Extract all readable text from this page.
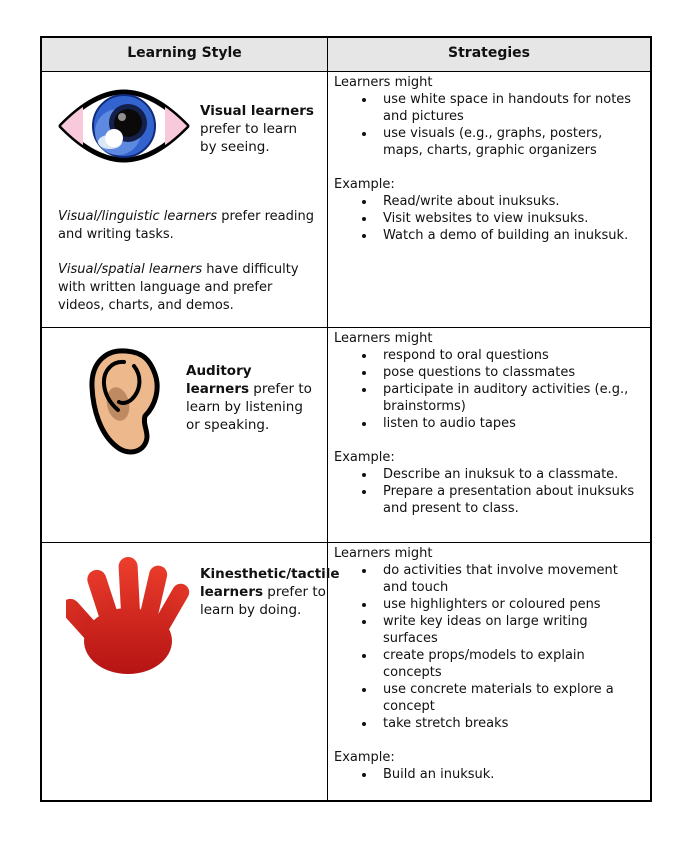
Learning Style	Strategies
Visual learners prefer to learn by seeing.

Visual/linguistic learners prefer reading and writing tasks.

Visual/spatial learners have difficulty with written language and prefer videos, charts, and demos.

Learners might
• use white space in handouts for notes and pictures
• use visuals (e.g., graphs, posters, maps, charts, graphic organizers
Example:
• Read/write about inuksuks.
• Visit websites to view inuksuks.
• Watch a demo of building an inuksuk.
Auditory learners prefer to learn by listening or speaking.
Learners might
• respond to oral questions
• pose questions to classmates
• participate in auditory activities (e.g., brainstorms)
• listen to audio tapes
Example:
• Describe an inuksuk to a classmate.
• Prepare a presentation about inuksuks and present to class.
Kinesthetic/tactile learners prefer to learn by doing.
Learners might
• do activities that involve movement and touch
• use highlighters or coloured pens
• write key ideas on large writing surfaces
• create props/models to explain concepts
• use concrete materials to explore a concept
• take stretch breaks
Example:
• Build an inuksuk.
